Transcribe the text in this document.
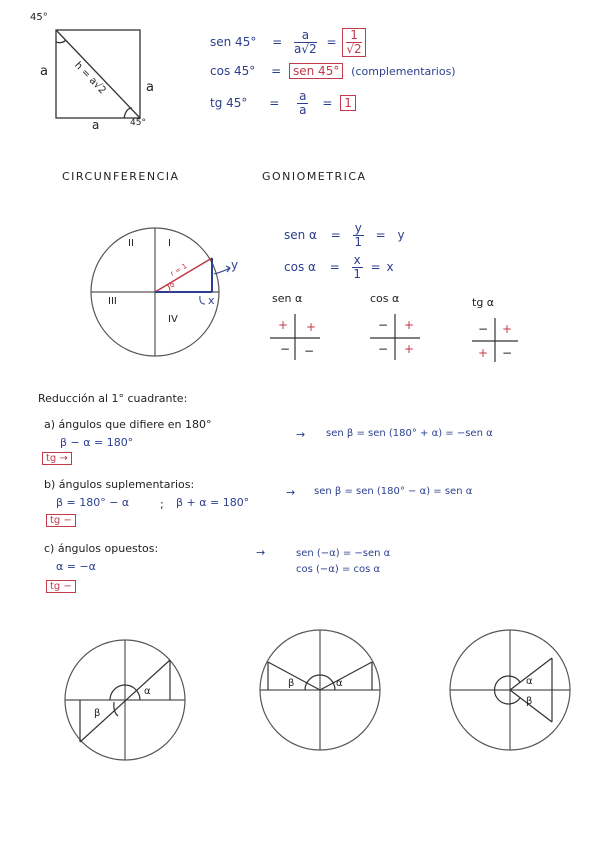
45°
a
a
a	45°
h = a√2
sen $45^\circ = \frac{a}{a√2} = \frac{1}{√2}$
cos 45° = sen 45° (complementarios)
tg $45^\circ = \frac{a}{a} = 1$
CIRCUNFERENCIA	GONIOMETRICA
II	I
III
IV
r = 1
α
x
y
sen $\alpha = \frac{y}{1} = y$
$\cos \alpha = \frac{x}{1} = x$
sen α
+ +
− −
cos α
− +
− +
tg α
− +
+ −
Reducción al 1° cuadrante:
a) ángulos que difiere en 180°
β − α = 180°
tg →
→ sen β = sen (180° + α) = −sen α
b) ángulos suplementarios:
β = 180° − α	; β + α = 180°
tg −
→ sen β = sen (180° − α) = sen α
c) ángulos opuestos:
α = −α
tg −
→	sen (−α) = −sen α
cos (−α) = cos α
α
β
α
β	α
β
